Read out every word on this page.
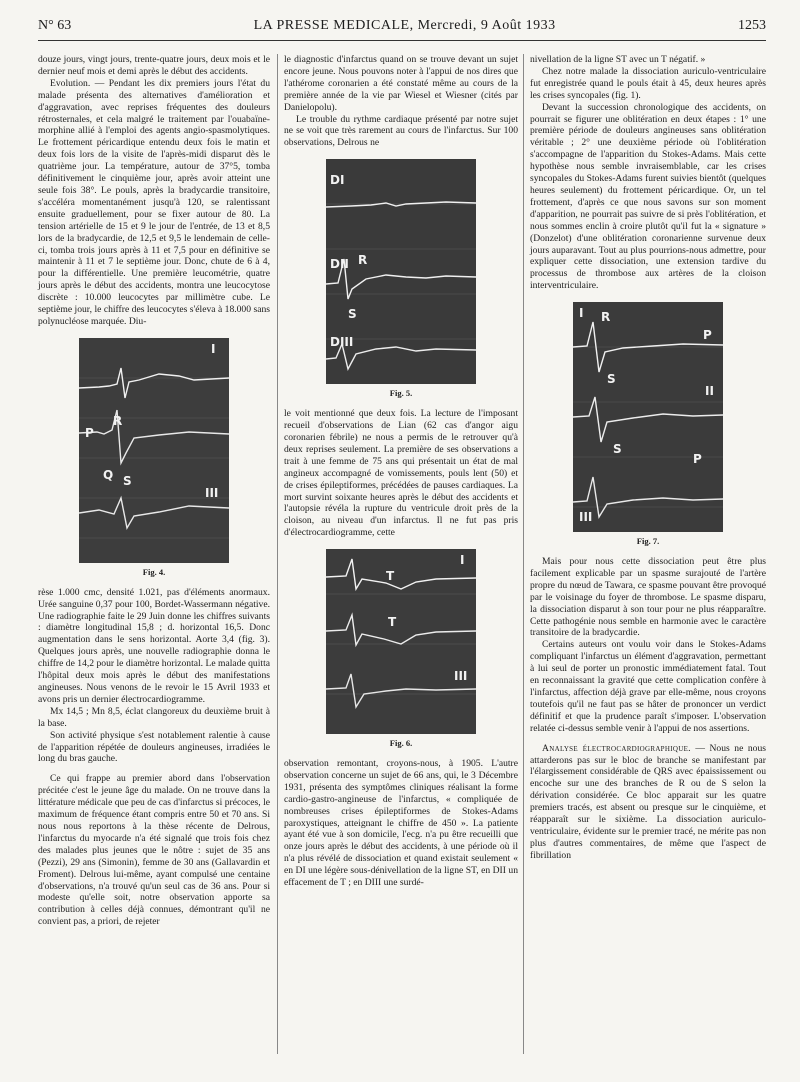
N° 63	LA PRESSE MEDICALE, Mercredi, 9 Août 1933	1253

douze jours, vingt jours, trente-quatre jours, deux mois et le dernier neuf mois et demi après le début des accidents.

Evolution. — Pendant les dix premiers jours l'état du malade présenta des alternatives d'amélioration et d'aggravation, avec reprises fréquentes des douleurs rétrosternales, et cela malgré le traitement par l'ouabaïne-morphine allié à l'emploi des agents angio-spasmolytiques. Le frottement péricardique entendu deux fois le matin et deux fois lors de la visite de l'après-midi disparut dès le quatrième jour. La température, autour de 37°5, tomba définitivement le cinquième jour, après avoir atteint une seule fois 38°. Le pouls, après la bradycardie transitoire, s'accéléra momentanément jusqu'à 120, se ralentissant ensuite graduellement, pour se fixer autour de 80. La tension artérielle de 15 et 9 le jour de l'entrée, de 13 et 8,5 lors de la bradycardie, de 12,5 et 9,5 le lendemain de celle-ci, tomba trois jours après à 11 et 7,5 pour en définitive se maintenir à 11 et 7 le septième jour. Donc, chute de 6 à 4, pour la différentielle. Une première leucométrie, quatre jours après le début des accidents, montra une leucocytose discrète : 10.000 leucocytes par millimètre cube. Le septième jour, le chiffre des leucocytes s'éleva à 18.000 sans polynucléose marquée. Diu-

I
P
R
Q S
III
Fig. 4.

rèse 1.000 cmc, densité 1.021, pas d'éléments anormaux. Urée sanguine 0,37 pour 100, Bordet-Wassermann négative. Une radiographie faite le 29 Juin donne les chiffres suivants : diamètre longitudinal 15,8 ; d. horizontal 16,5. Donc augmentation dans le sens horizontal. Aorte 3,4 (fig. 3). Quelques jours après, une nouvelle radiographie donna le chiffre de 14,2 pour le diamètre horizontal. Le malade quitta l'hôpital deux mois après le début des manifestations angineuses. Nous venons de le revoir le 15 Avril 1933 et avons pris un dernier électrocardiogramme.

Mx 14,5 ; Mn 8,5, éclat clangoreux du deuxième bruit à la base.

Son activité physique s'est notablement ralentie à cause de l'apparition répétée de douleurs angineuses, irradiées le long du bras gauche.

Ce qui frappe au premier abord dans l'observation précitée c'est le jeune âge du malade. On ne trouve dans la littérature médicale que peu de cas d'infarctus si précoces, le maximum de fréquence étant compris entre 50 et 70 ans. Si nous nous reportons à la thèse récente de Delrous, l'infarctus du myocarde n'a été signalé que trois fois chez des malades plus jeunes que le nôtre : sujet de 35 ans (Pezzi), 29 ans (Simonin), femme de 30 ans (Gallavardin et Froment). Delrous lui-même, ayant compulsé une centaine d'observations, n'a trouvé qu'un seul cas de 36 ans. Pour si modeste qu'elle soit, notre observation apporte sa contribution à celles déjà connues, démontrant qu'il ne convient pas, a priori, de rejeter

le diagnostic d'infarctus quand on se trouve devant un sujet encore jeune. Nous pouvons noter à l'appui de nos dires que l'athérome coronarien a été constaté même au cours de la première année de la vie par Wiesel et Wiesner (cités par Danielopolu).

Le trouble du rythme cardiaque présenté par notre sujet ne se voit que très rarement au cours de l'infarctus. Sur 100 observations, Delrous ne

DI
DII R
S
DIII
Fig. 5.

le voit mentionné que deux fois. La lecture de l'imposant recueil d'observations de Lian (62 cas d'angor aigu coronarien fébrile) ne nous a permis de le retrouver qu'à deux reprises seulement. La première de ses observations a trait à une femme de 75 ans qui présentait un état de mal angineux accompagné de vomissements, pouls lent (50) et de crises épileptiformes, précédées de pauses cardiaques. La mort survint soixante heures après le début des accidents et l'autopsie révéla la rupture du ventricule droit près de la cloison, au niveau d'un infarctus. Il ne fut pas pris d'électrocardiogramme, cette

I
T
T
III
Fig. 6.

observation remontant, croyons-nous, à 1905. L'autre observation concerne un sujet de 66 ans, qui, le 3 Décembre 1931, présenta des symptômes cliniques réalisant la forme cardio-gastro-angineuse de l'infarctus, « compliquée de nombreuses crises épileptiformes de Stokes-Adams paroxystiques, atteignant le chiffre de 450 ». La patiente ayant été vue à son domicile, l'ecg. n'a pu être recueilli que onze jours après le début des accidents, à une période où il n'a plus révélé de dissociation et quand existait seulement « en DI une légère sous-dénivellation de la ligne ST, en DII un effacement de T ; en DIII une surdé-

nivellation de la ligne ST avec un T négatif. »

Chez notre malade la dissociation auriculo-ventriculaire fut enregistrée quand le pouls était à 45, deux heures après les crises syncopales (fig. 1).

Devant la succession chronologique des accidents, on pourrait se figurer une oblitération en deux étapes : 1° une première période de douleurs angineuses sans oblitération véritable ; 2° une deuxième période où l'oblitération s'accompagne de l'apparition du Stokes-Adams. Mais cette hypothèse nous semble invraisemblable, car les crises syncopales du Stokes-Adams furent suivies bientôt (quelques heures seulement) du frottement péricardique. Or, un tel frottement, d'après ce que nous savons sur son moment d'apparition, ne pourrait pas suivre de si près l'oblitération, et nous sommes enclin à croire plutôt qu'il fut la « signature » (Donzelot) d'une oblitération coronarienne survenue deux jours auparavant. Tout au plus pourrions-nous admettre, pour expliquer cette dissociation, une extension tardive du processus de thrombose aux artères de la cloison interventriculaire.

I R
P
S
II
S
P
III
Fig. 7.

Mais pour nous cette dissociation peut être plus facilement explicable par un spasme surajouté de l'artère propre du nœud de Tawara, ce spasme pouvant être provoqué par le voisinage du foyer de thrombose. Le spasme disparu, la dissociation disparut à son tour pour ne plus réapparaître. Cette pathogénie nous semble en harmonie avec le caractère transitoire de la bradycardie.

Certains auteurs ont voulu voir dans le Stokes-Adams compliquant l'infarctus un élément d'aggravation, permettant à lui seul de porter un pronostic immédiatement fatal. Tout en reconnaissant la gravité que cette complication confère à l'infarctus, affection déjà grave par elle-même, nous croyons toutefois qu'il ne faut pas se hâter de prononcer un verdict définitif et que la prudence paraît s'imposer. L'observation relatée ci-dessus semble venir à l'appui de nos assertions.

Analyse électrocardiographique. — Nous ne nous attarderons pas sur le bloc de branche se manifestant par l'élargissement considérable de QRS avec épaississement ou encoche sur une des branches de R ou de S selon la dérivation considérée. Ce bloc apparait sur les quatre premiers tracés, est absent ou presque sur le cinquième, et réapparaît sur le sixième. La dissociation auriculo-ventriculaire, évidente sur le premier tracé, ne mérite pas non plus d'autres commentaires, de même que l'aspect de fibrillation
